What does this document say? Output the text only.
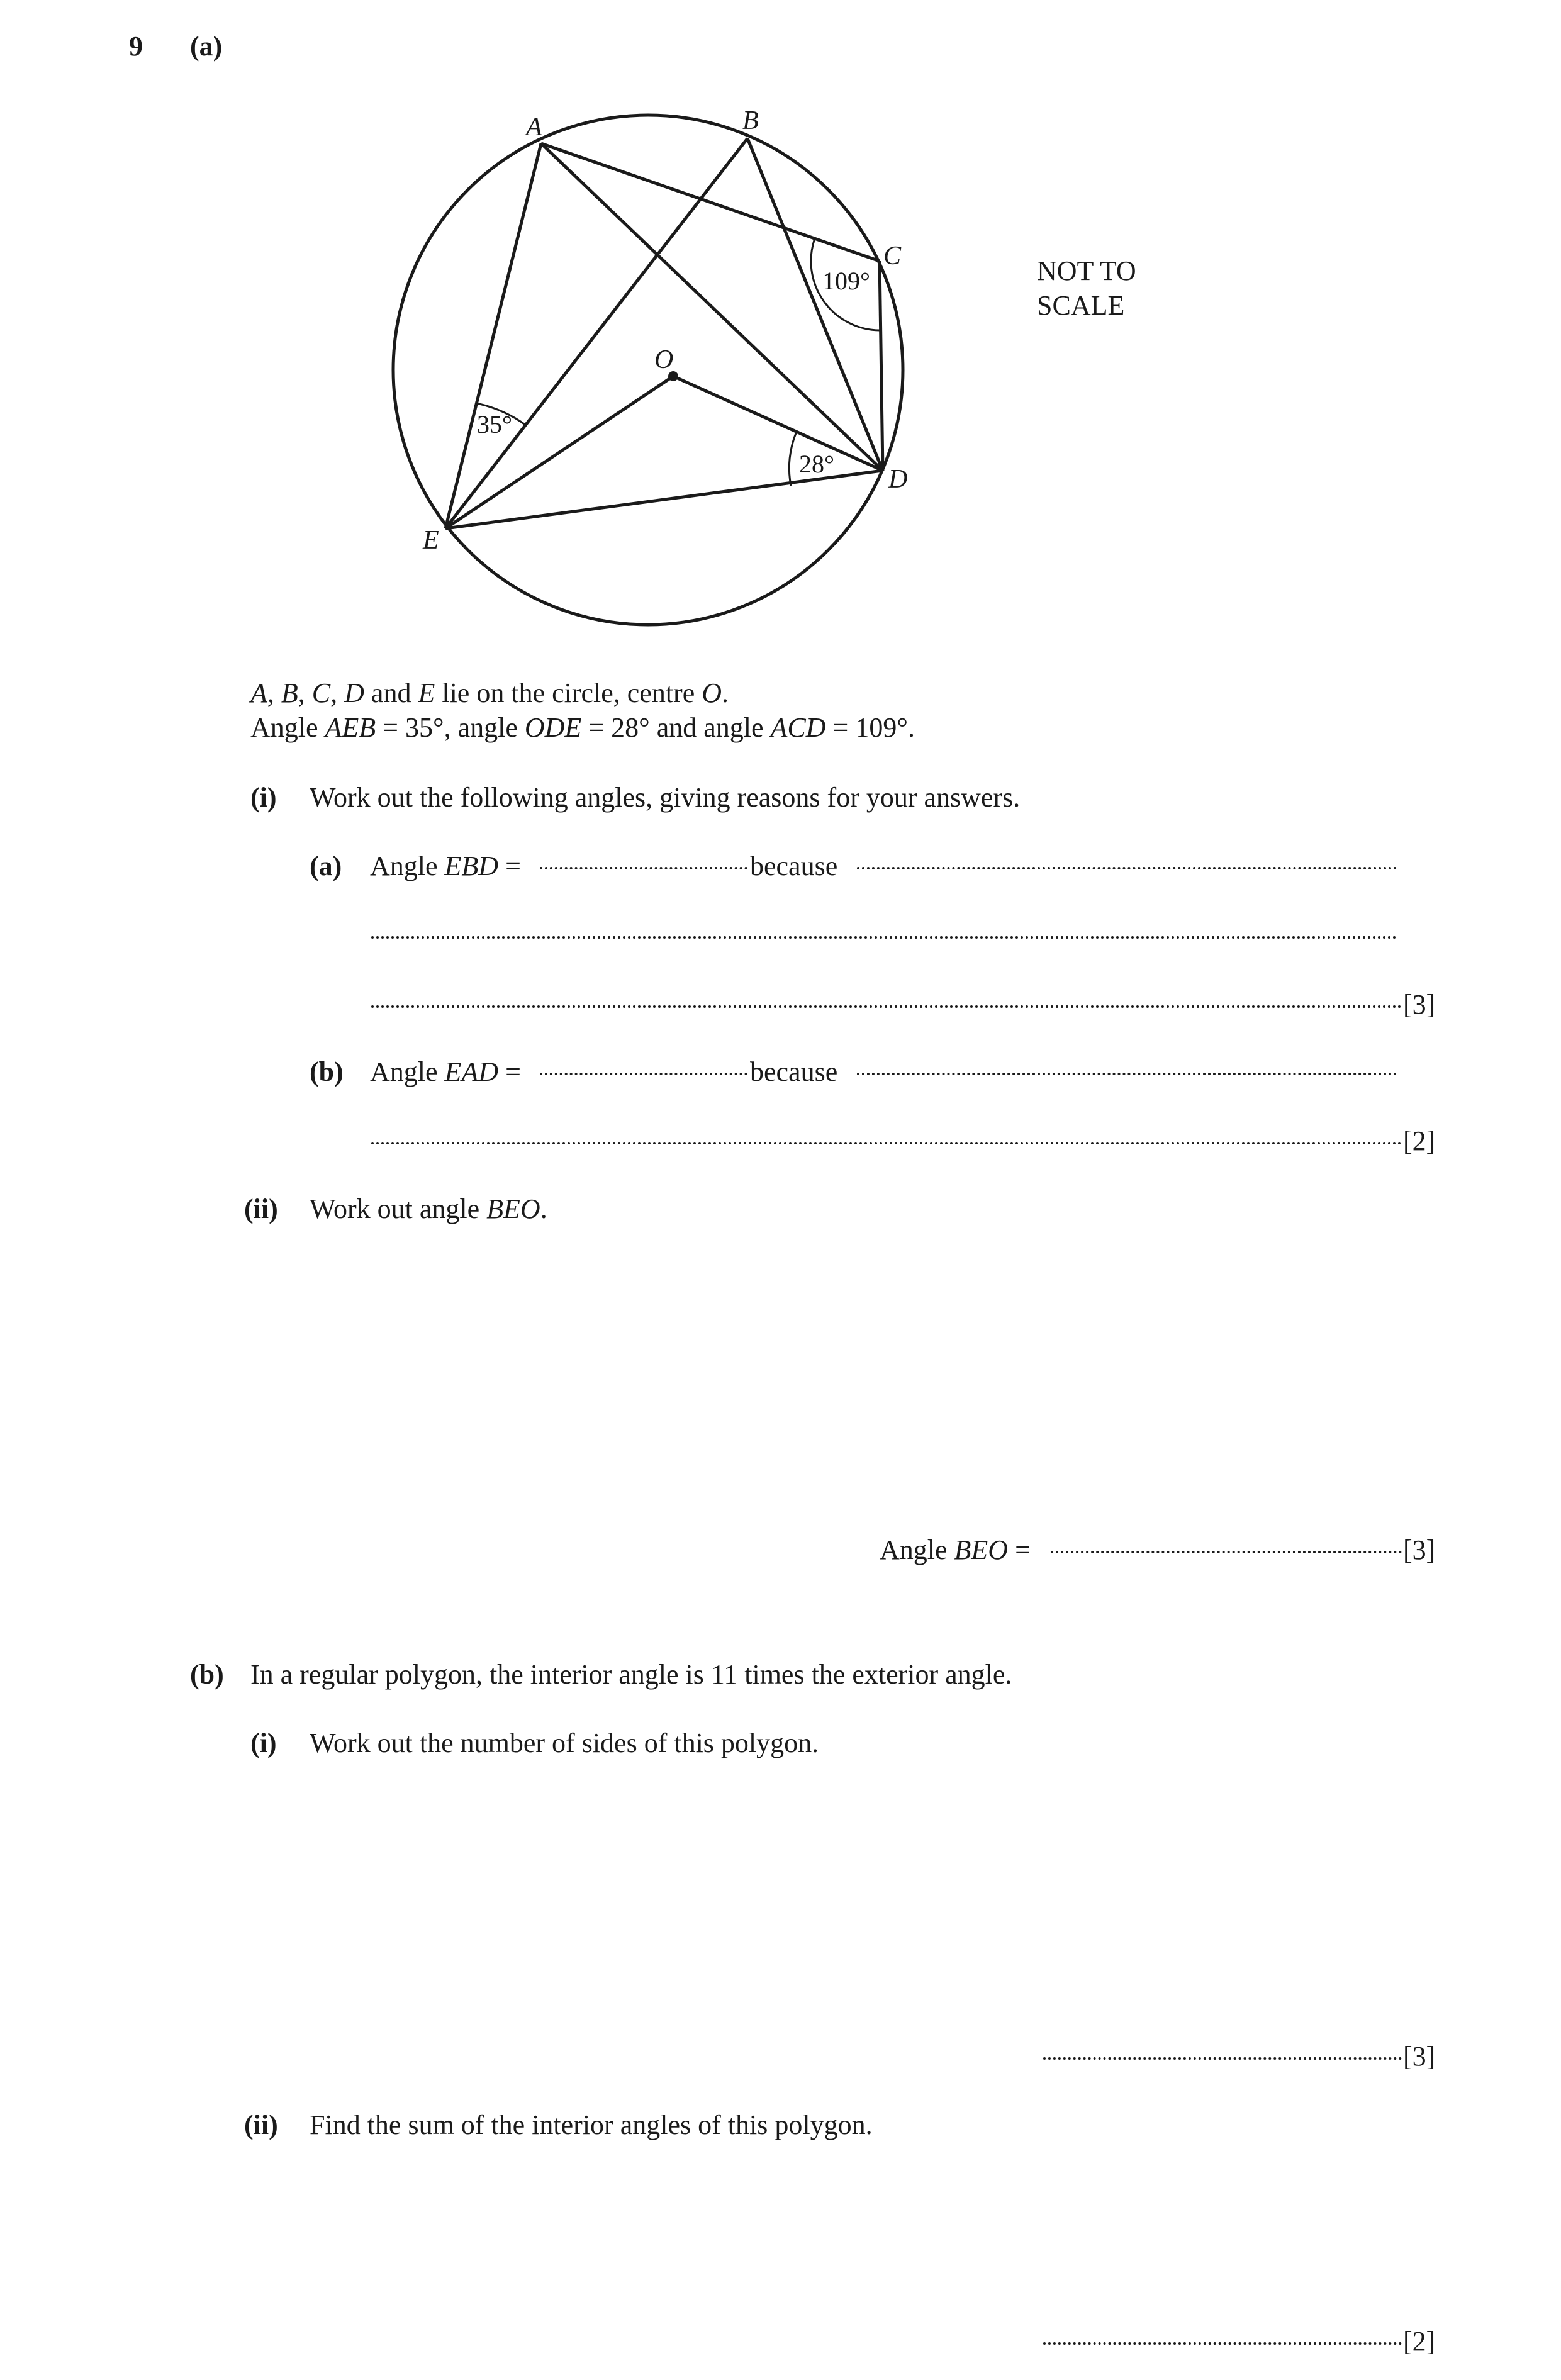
9 (a)
A	B
C
D
E
O
35°
28°
109°	NOT TO
SCALE
A, B, C, D and E lie on the circle, centre O.
Angle AEB = 35°, angle ODE = 28° and angle ACD = 109°.
(i) Work out the following angles, giving reasons for your answers.
(a) Angle EBD =	because
[3]
(b) Angle EAD =	because
[2]
(ii) Work out angle BEO.
Angle BEO =	[3]
(b) In a regular polygon, the interior angle is 11 times the exterior angle.
(i) Work out the number of sides of this polygon.
[3]
(ii) Find the sum of the interior angles of this polygon.
[2]
